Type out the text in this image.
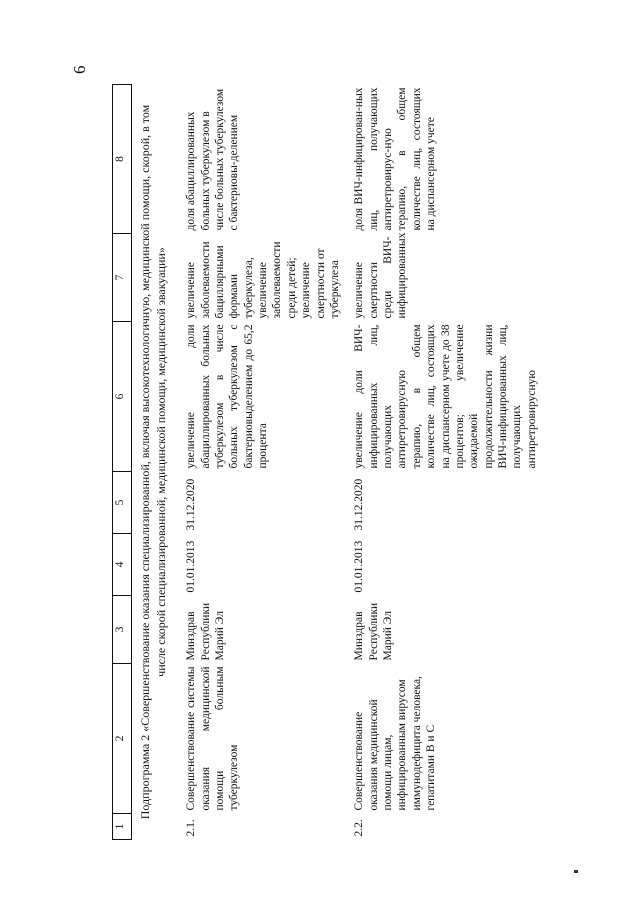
6
1	2	3	4	5	6	7	8
Подпрограмма 2 «Совершенствование оказания специализированной, включая высокотехнологичную, медицинской помощи, скорой, в том числе скорой специализированной, медицинской помощи, медицинской эвакуации»							
2.1.	Совершенствование системы оказания медицинской помощи больным туберкулезом	Минздрав Республики Марий Эл	01.01.2013	31.12.2020	увеличение доли абациллированных больных туберкулезом в числе больных туберкулезом с бактериовыделением до 65,2 процента	увеличение заболеваемости бациллярными формами туберкулеза, увеличение заболеваемости среди детей; увеличение смертности от туберкулеза	доля абациллированных больных туберкулезом в числе больных туберкулезом с бактериовы-делением
2.2.	Совершенствование оказания медицинской помощи лицам, инфицированным вирусом иммунодефицита человека, гепатитами В и С	Минздрав Республики Марий Эл	01.01.2013	31.12.2020	увеличение доли ВИЧ-инфицированных лиц, получающих антиретровирусную терапию, в общем количестве лиц, состоящих на диспансерном учете до 38 процентов; увеличение ожидаемой продолжительности жизни ВИЧ-инфицированных лиц, получающих антиретровирусную	увеличение смертности среди ВИЧ-инфицированных	доля ВИЧ-инфицирован-ных лиц, получающих антиретровирус-ную терапию, в общем количестве лиц, состоящих на диспансерном учете
